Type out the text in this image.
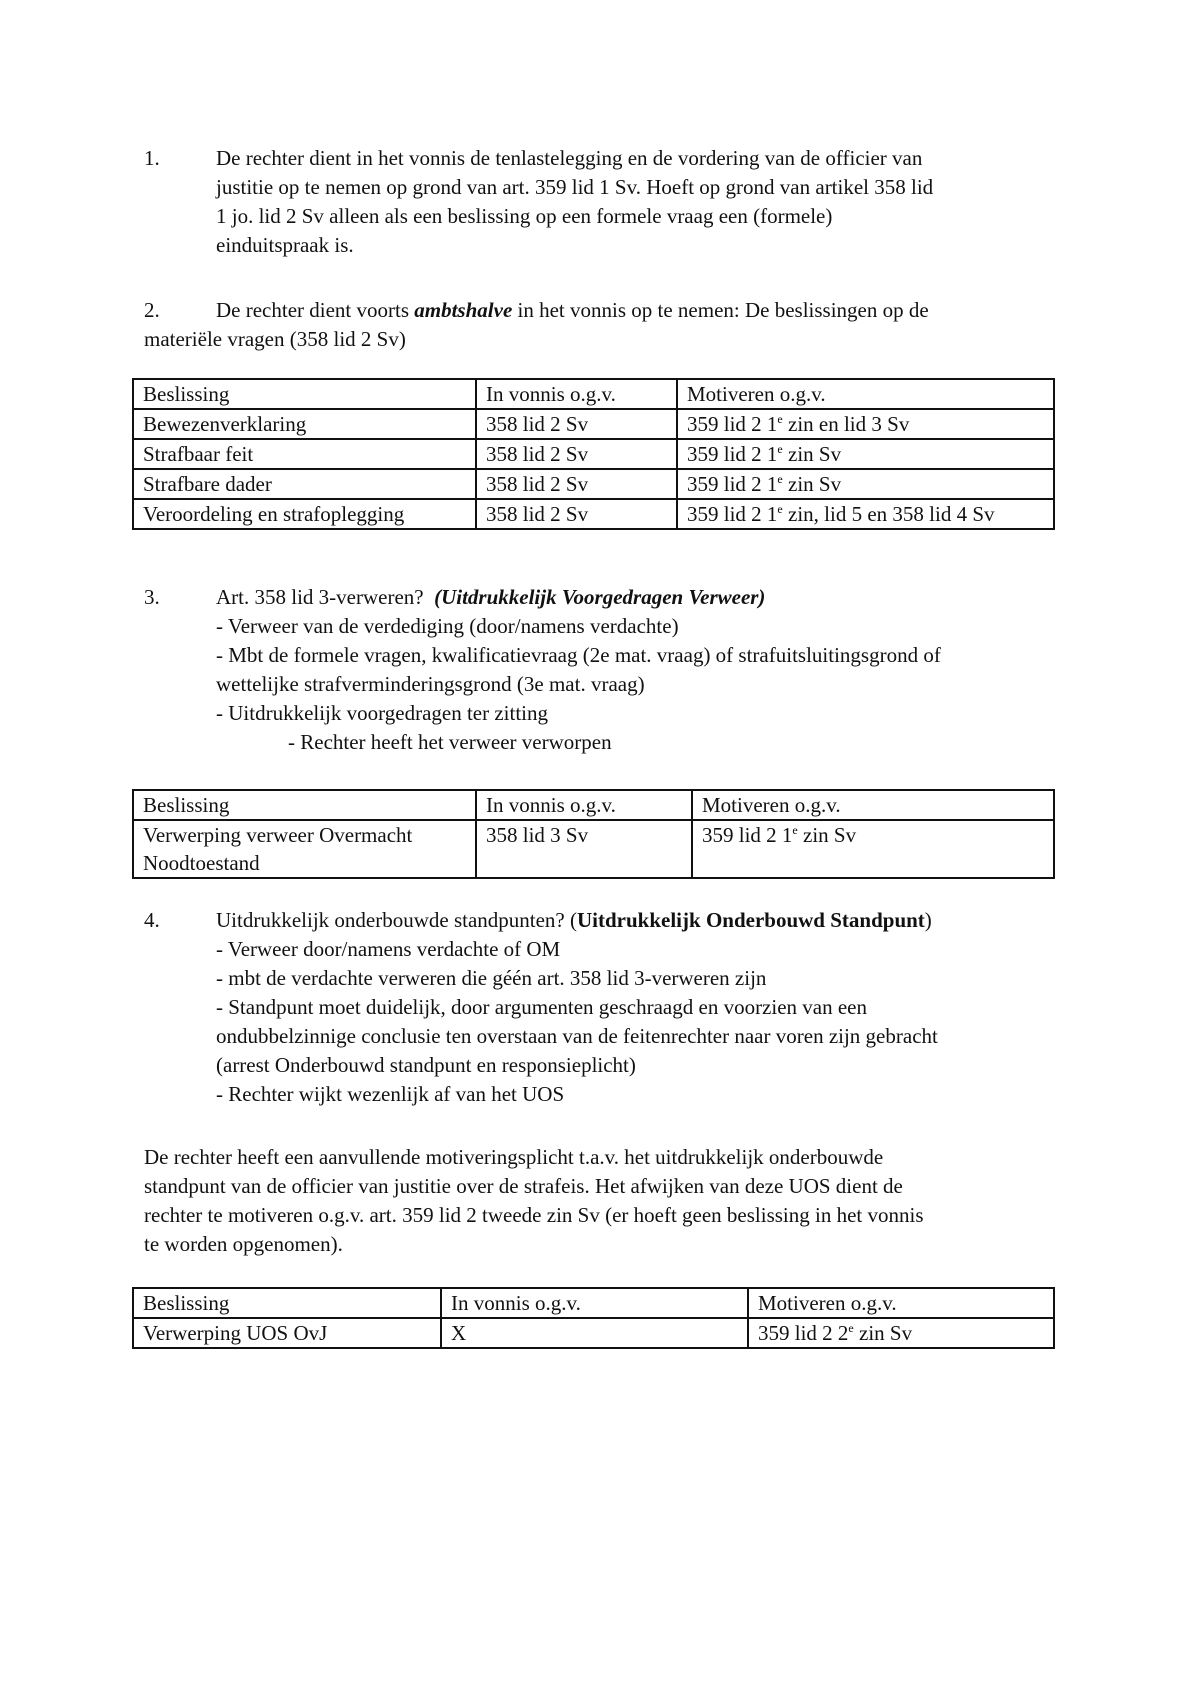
1.	De rechter dient in het vonnis de tenlastelegging en de vordering van de officier van
justitie op te nemen op grond van art. 359 lid 1 Sv. Hoeft op grond van artikel 358 lid
1 jo. lid 2 Sv alleen als een beslissing op een formele vraag een (formele)
einduitspraak is.
2.	De rechter dient voorts ambtshalve in het vonnis op te nemen: De beslissingen op de
materiële vragen (358 lid 2 Sv)
Beslissing	In vonnis o.g.v.	Motiveren o.g.v.
Bewezenverklaring	358 lid 2 Sv	359 lid 2 1e zin en lid 3 Sv
Strafbaar feit	358 lid 2 Sv	359 lid 2 1e zin Sv
Strafbare dader	358 lid 2 Sv	359 lid 2 1e zin Sv
Veroordeling en strafoplegging	358 lid 2 Sv	359 lid 2 1e zin, lid 5 en 358 lid 4 Sv
3.	Art. 358 lid 3-verweren? (Uitdrukkelijk Voorgedragen Verweer)
- Verweer van de verdediging (door/namens verdachte)
- Mbt de formele vragen, kwalificatievraag (2e mat. vraag) of strafuitsluitingsgrond of
wettelijke strafverminderingsgrond (3e mat. vraag)
- Uitdrukkelijk voorgedragen ter zitting
- Rechter heeft het verweer verworpen
Beslissing	In vonnis o.g.v.	Motiveren o.g.v.

Verwerping verweer Overmacht
Noodtoestand	358 lid 3 Sv	359 lid 2 1e zin Sv
4.	Uitdrukkelijk onderbouwde standpunten? (Uitdrukkelijk Onderbouwd Standpunt)
- Verweer door/namens verdachte of OM
- mbt de verdachte verweren die géén art. 358 lid 3-verweren zijn
- Standpunt moet duidelijk, door argumenten geschraagd en voorzien van een
ondubbelzinnige conclusie ten overstaan van de feitenrechter naar voren zijn gebracht
(arrest Onderbouwd standpunt en responsieplicht)
- Rechter wijkt wezenlijk af van het UOS
De rechter heeft een aanvullende motiveringsplicht t.a.v. het uitdrukkelijk onderbouwde
standpunt van de officier van justitie over de strafeis. Het afwijken van deze UOS dient de
rechter te motiveren o.g.v. art. 359 lid 2 tweede zin Sv (er hoeft geen beslissing in het vonnis
te worden opgenomen).
Beslissing	In vonnis o.g.v.	Motiveren o.g.v.
Verwerping UOS OvJ	X	359 lid 2 2e zin Sv
